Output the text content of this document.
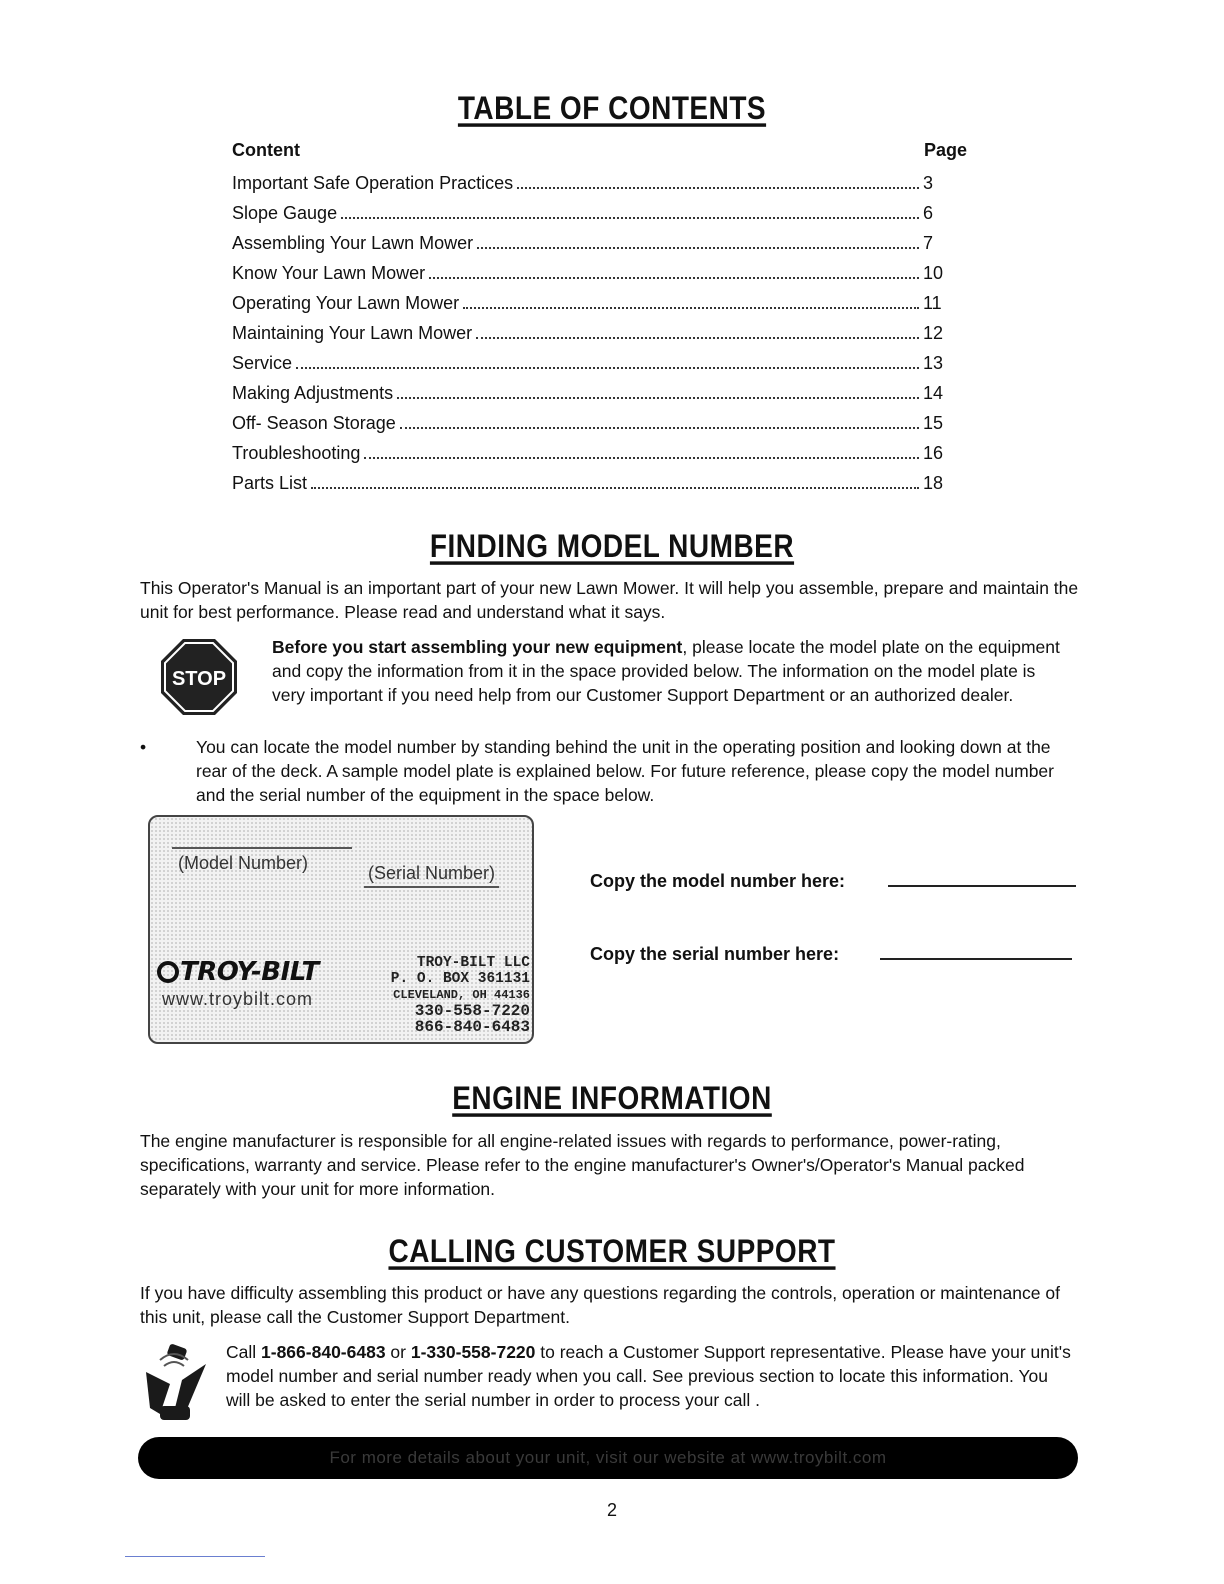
TABLE OF CONTENTS
Content	Page
Important Safe Operation Practices	3
Slope Gauge	6
Assembling Your Lawn Mower	7
Know Your Lawn Mower	10
Operating Your Lawn Mower	11
Maintaining Your Lawn Mower	12
Service	13
Making Adjustments	14
Off- Season Storage	15
Troubleshooting	16
Parts List	18
FINDING MODEL NUMBER
This Operator's Manual is an important part of your new Lawn Mower. It will help you assemble, prepare and maintain the unit for best performance. Please read and understand what it says.
STOP
Before you start assembling your new equipment, please locate the model plate on the equipment and copy the information from it in the space provided below. The information on the model plate is very important if you need help from our Customer Support Department or an authorized dealer.
•	You can locate the model number by standing behind the unit in the operating position and looking down at the rear of the deck. A sample model plate is explained below. For future reference, please copy the model number and the serial number of the equipment in the space below.
(Model Number)	(Serial Number)
TROY-BILT
www.troybilt.com
TROY-BILT LLC
P. O. BOX 361131
CLEVELAND, OH 44136
330-558-7220
866-840-6483
Copy the model number here:
Copy the serial number here:
ENGINE INFORMATION
The engine manufacturer is responsible for all engine-related issues with regards to performance, power-rating, specifications, warranty and service. Please refer to the engine manufacturer's Owner's/Operator's Manual packed separately with your unit for more information.
CALLING CUSTOMER SUPPORT
If you have difficulty assembling this product or have any questions regarding the controls, operation or maintenance of this unit, please call the Customer Support Department.
Call 1-866-840-6483 or 1-330-558-7220 to reach a Customer Support representative. Please have your unit's model number and serial number ready when you call. See previous section to locate this information. You will be asked to enter the serial number in order to process your call .
For more details about your unit, visit our website at www.troybilt.com
2
